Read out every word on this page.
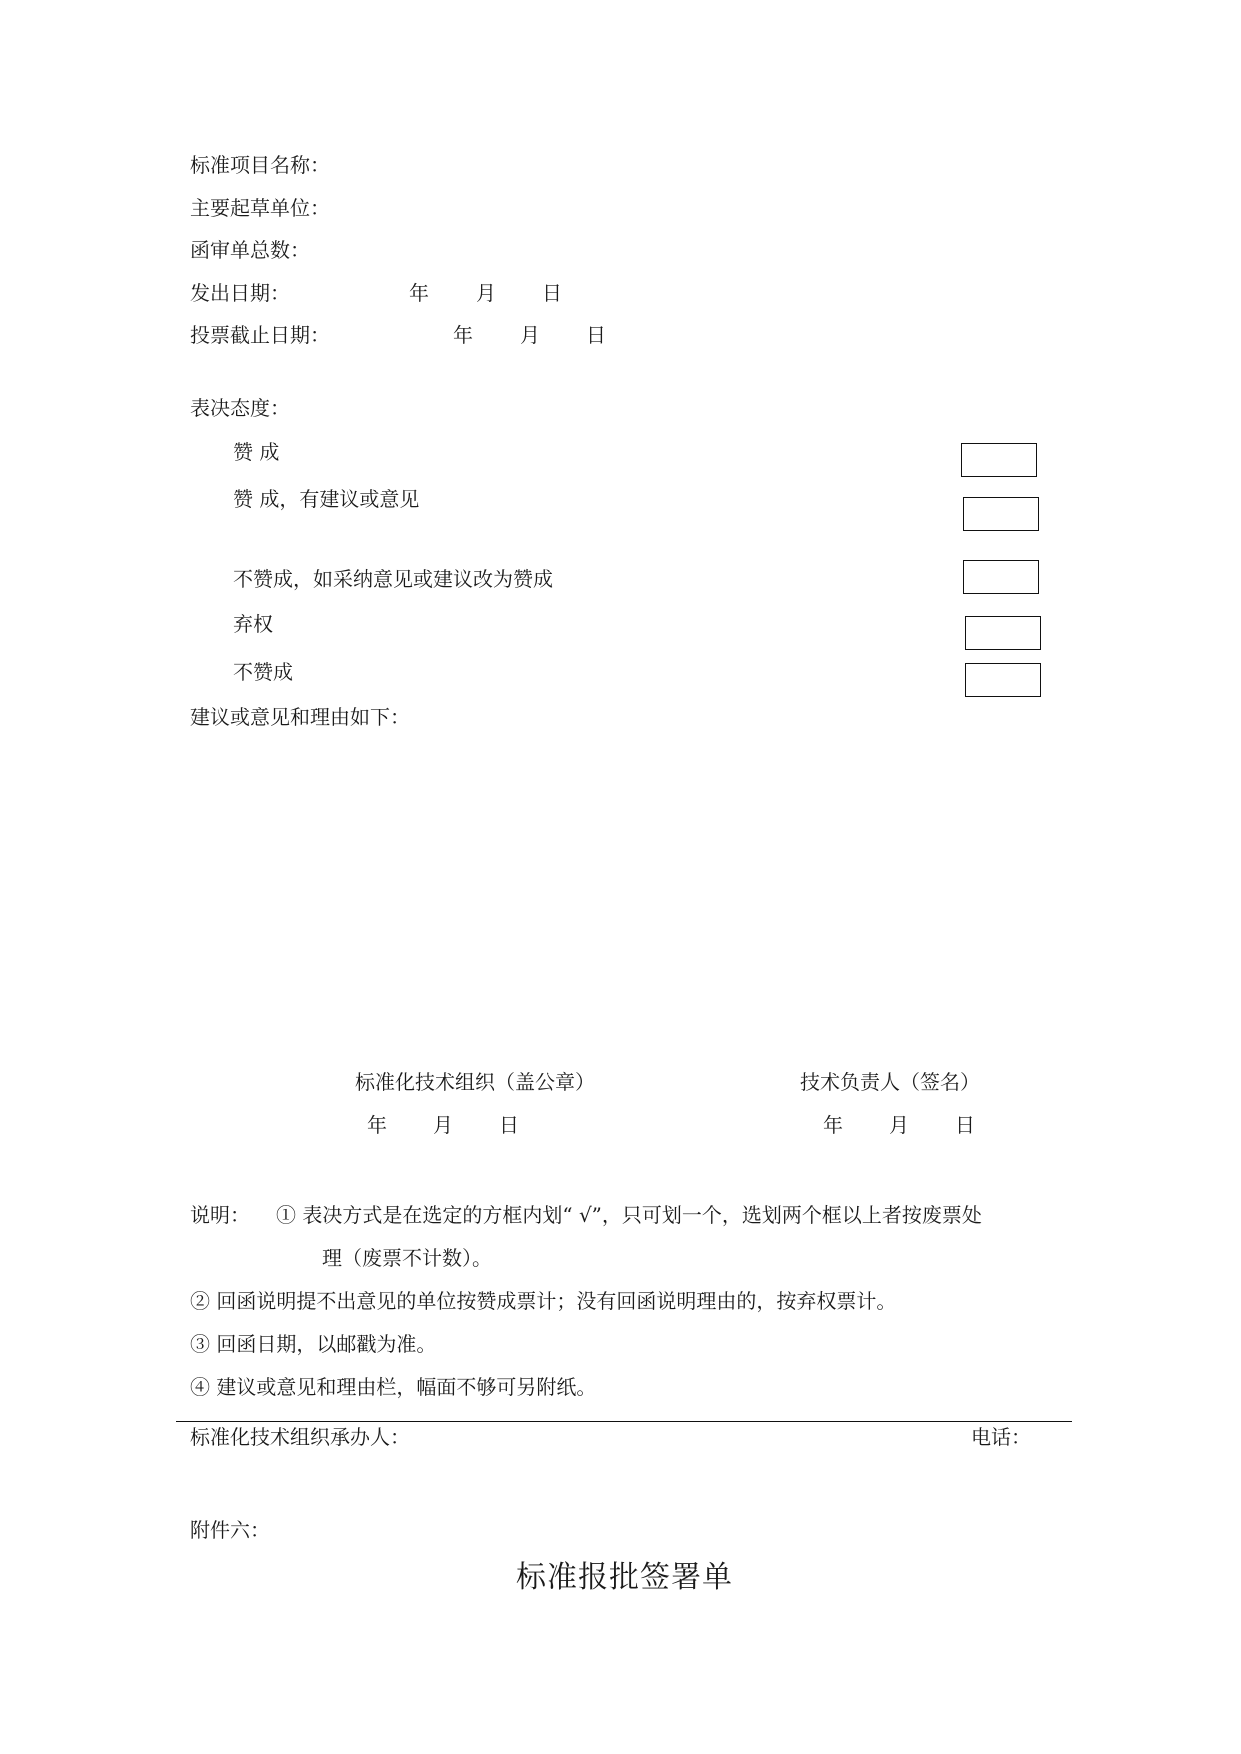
标准项目名称：
主要起草单位：
函审单总数：
发出日期：	年 月 日
投票截止日期：	年 月 日
表决态度：
赞 成
赞 成，有建议或意见
不赞成，如采纳意见或建议改为赞成
弃权
不赞成
建议或意见和理由如下：
标准化技术组织（盖公章）	技术负责人（签名）
年 月 日	年 月 日
说明： ① 表决方式是在选定的方框内划“ √”，只可划一个，选划两个框以上者按废票处
理（废票不计数）。
② 回函说明提不出意见的单位按赞成票计；没有回函说明理由的，按弃权票计。
③ 回函日期，以邮戳为准。
④ 建议或意见和理由栏，幅面不够可另附纸。
标准化技术组织承办人：	电话：
附件六：
标准报批签署单
